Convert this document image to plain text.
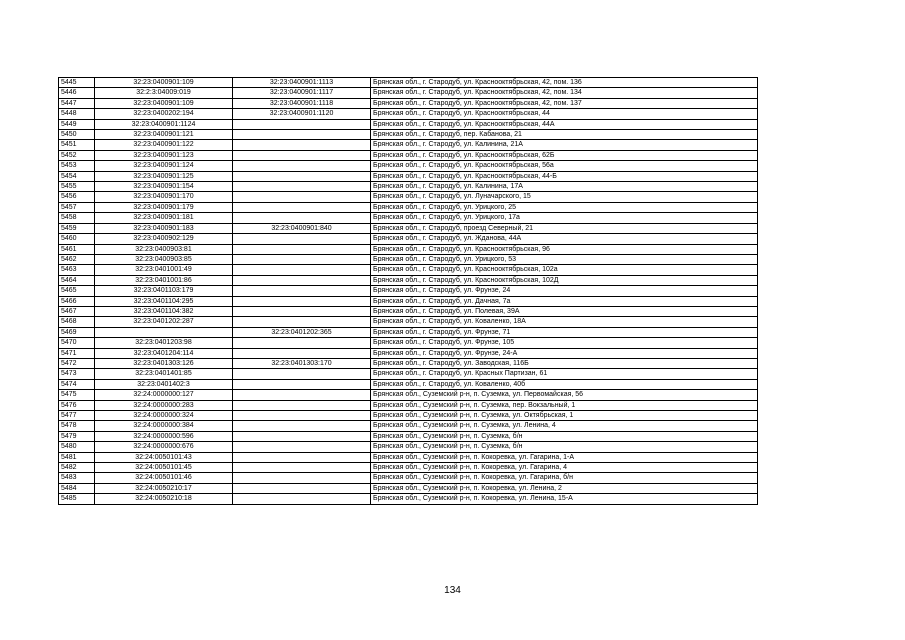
5445	32:23:0400901:109	32:23:0400901:1113	Брянская обл., г. Стародуб, ул. Краснооктябрьская, 42, пом. 136
5446	32:2:3:04009:019	32:23:0400901:1117	Брянская обл., г. Стародуб, ул. Краснооктябрьская, 42, пом. 134
5447	32:23:0400901:109	32:23:0400901:1118	Брянская обл., г. Стародуб, ул. Краснооктябрьская, 42, пом. 137
5448	32:23:0400202:194	32:23:0400901:1120	Брянская обл., г. Стародуб, ул. Краснооктябрьская, 44
5449	32:23:0400901:1124		Брянская обл., г. Стародуб, ул. Краснооктябрьская, 44А
5450	32:23:0400901:121		Брянская обл., г. Стародуб, пер. Кабанова, 21
5451	32:23:0400901:122		Брянская обл., г. Стародуб, ул. Калинина, 21А
5452	32:23:0400901:123		Брянская обл., г. Стародуб, ул. Краснооктябрьская, 62Б
5453	32:23:0400901:124		Брянская обл., г. Стародуб, ул. Краснооктябрьская, 56а
5454	32:23:0400901:125		Брянская обл., г. Стародуб, ул. Краснооктябрьская, 44-Б
5455	32:23:0400901:154		Брянская обл., г. Стародуб, ул. Калинина, 17А
5456	32:23:0400901:170		Брянская обл., г. Стародуб, ул. Луначарского, 15
5457	32:23:0400901:179		Брянская обл., г. Стародуб, ул. Урицкого, 25
5458	32:23:0400901:181		Брянская обл., г. Стародуб, ул. Урицкого, 17а
5459	32:23:0400901:183	32:23:0400901:840	Брянская обл., г. Стародуб, проезд Северный, 21
5460	32:23:0400902:129		Брянская обл., г. Стародуб, ул. Жданова, 44А
5461	32:23:0400903:81		Брянская обл., г. Стародуб, ул. Краснооктябрьская, 96
5462	32:23:0400903:85		Брянская обл., г. Стародуб, ул. Урицкого, 53
5463	32:23:0401001:49		Брянская обл., г. Стародуб, ул. Краснооктябрьская, 102а
5464	32:23:0401001:86		Брянская обл., г. Стародуб, ул. Краснооктябрьская, 102Д
5465	32:23:0401103:179		Брянская обл., г. Стародуб, ул. Фрунзе, 24
5466	32:23:0401104:295		Брянская обл., г. Стародуб, ул. Дачная, 7а
5467	32:23:0401104:382		Брянская обл., г. Стародуб, ул. Полевая, 39А
5468	32:23:0401202:287		Брянская обл., г. Стародуб, ул. Коваленко, 18А
5469		32:23:0401202:365	Брянская обл., г. Стародуб, ул. Фрунзе, 71
5470	32:23:0401203:98		Брянская обл., г. Стародуб, ул. Фрунзе, 105
5471	32:23:0401204:114		Брянская обл., г. Стародуб, ул. Фрунзе, 24-А
5472	32:23:0401303:126	32:23:0401303:170	Брянская обл., г. Стародуб, ул. Заводская, 116Б
5473	32:23:0401401:85		Брянская обл., г. Стародуб, ул. Красных Партизан, 61
5474	32:23:0401402:3		Брянская обл., г. Стародуб, ул. Коваленко, 40б
5475	32:24:0000000:127		Брянская обл., Суземский р-н, п. Суземка, ул. Первомайская, 56
5476	32:24:0000000:283		Брянская обл., Суземский р-н, п. Суземка, пер. Вокзальный, 1
5477	32:24:0000000:324		Брянская обл., Суземский р-н, п. Суземка, ул. Октябрьская, 1
5478	32:24:0000000:384		Брянская обл., Суземский р-н, п. Суземка, ул. Ленина, 4
5479	32:24:0000000:596		Брянская обл., Суземский р-н, п. Суземка, б/н
5480	32:24:0000000:676		Брянская обл., Суземский р-н, п. Суземка, б/н
5481	32:24:0050101:43		Брянская обл., Суземский р-н, п. Кокоревка, ул. Гагарина, 1-А
5482	32:24:0050101:45		Брянская обл., Суземский р-н, п. Кокоревка, ул. Гагарина, 4
5483	32:24:0050101:46		Брянская обл., Суземский р-н, п. Кокоревка, ул. Гагарина, б/н
5484	32:24:0050210:17		Брянская обл., Суземский р-н, п. Кокоревка, ул. Ленина, 2
5485	32:24:0050210:18		Брянская обл., Суземский р-н, п. Кокоревка, ул. Ленина, 15-А
134
